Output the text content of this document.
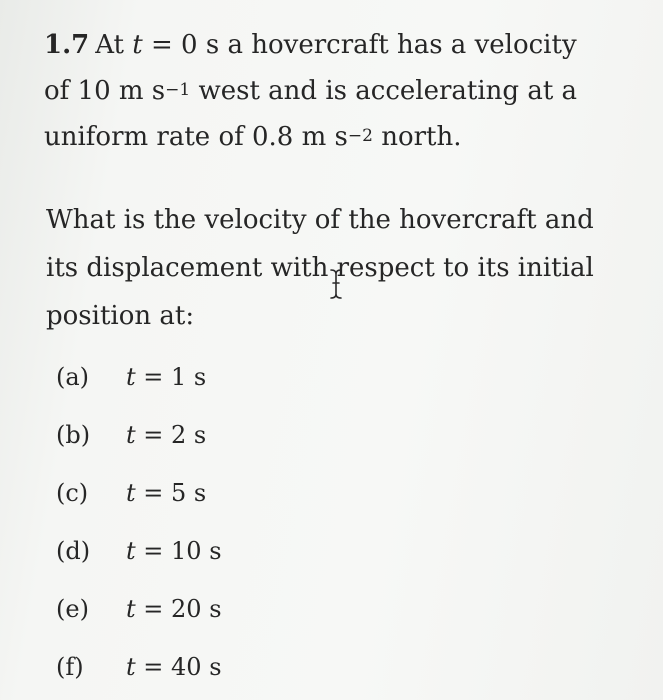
1.7 At t = 0 s a hovercraft has a velocity
of 10 m $s^{-1}$ west and is accelerating at a
uniform rate of 0.8 m $s^{-2}$ north.
What is the velocity of the hovercraft and
its displacement with respect to its initial
position at:
(a) t = 1 s
(b) t = 2 s
(c) t = 5 s
(d) t = 10 s
(e) t = 20 s
(f) t = 40 s
